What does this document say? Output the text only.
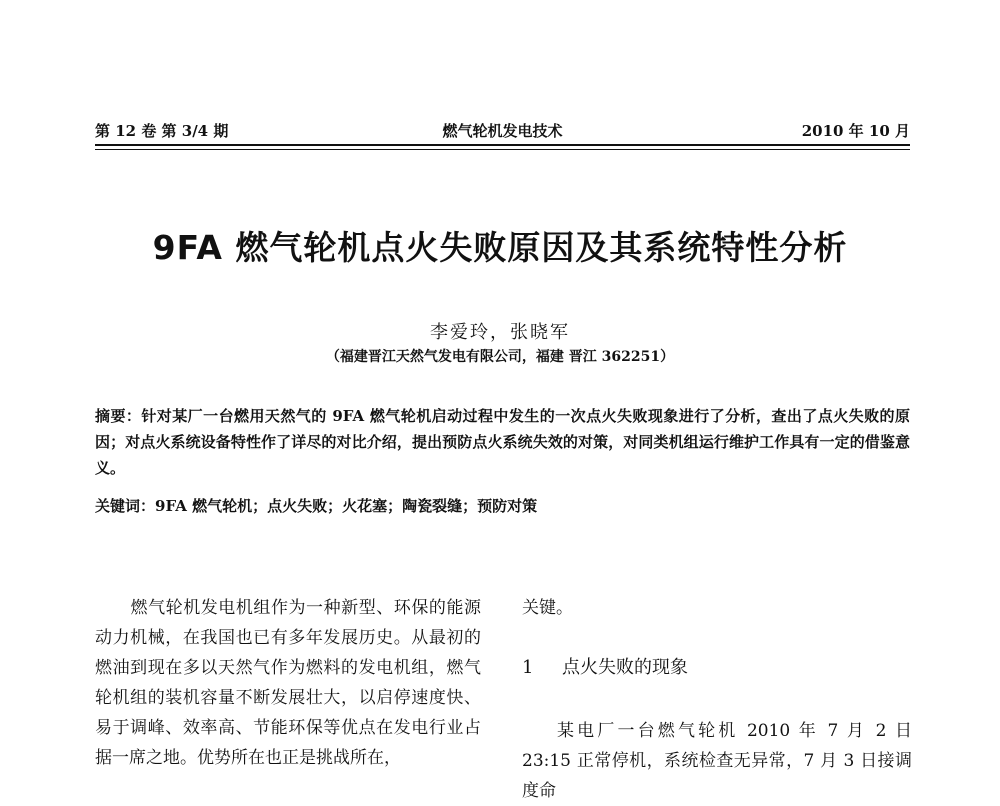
第 12 卷 第 3/4 期	燃气轮机发电技术	2010 年 10 月
9FA 燃气轮机点火失败原因及其系统特性分析
李爱玲，张晓军
（福建晋江天然气发电有限公司，福建 晋江 362251）
摘要：针对某厂一台燃用天然气的 9FA 燃气轮机启动过程中发生的一次点火失败现象进行了分析，查出了点火失败的原因；对点火系统设备特性作了详尽的对比介绍，提出预防点火系统失效的对策，对同类机组运行维护工作具有一定的借鉴意义。
关键词：9FA 燃气轮机；点火失败；火花塞；陶瓷裂缝；预防对策
燃气轮机发电机组作为一种新型、环保的能源动力机械，在我国也已有多年发展历史。从最初的燃油到现在多以天然气作为燃料的发电机组，燃气轮机组的装机容量不断发展壮大，以启停速度快、易于调峰、效率高、节能环保等优点在发电行业占据一席之地。优势所在也正是挑战所在，
关键。
1 点火失败的现象
某电厂一台燃气轮机 2010 年 7 月 2 日 23:15 正常停机，系统检查无异常，7 月 3 日接调度命
